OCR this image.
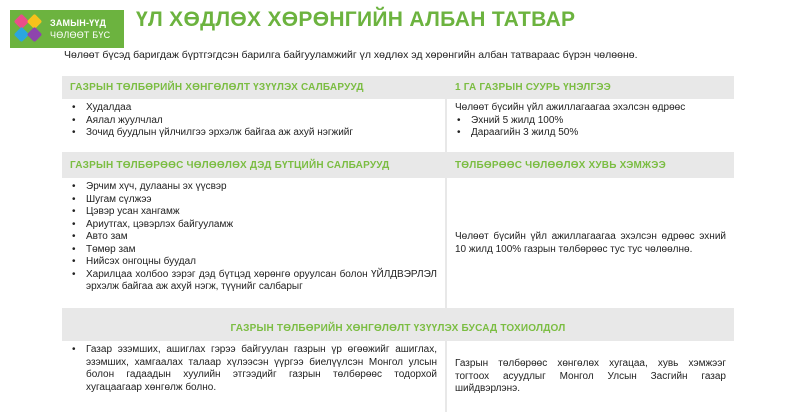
ЗАМЫН-ҮҮД
ЧӨЛӨӨТ БҮС
ҮЛ ХӨДЛӨХ ХӨРӨНГИЙН АЛБАН ТАТВАР
Чөлөөт бүсэд баригдаж бүртгэгдсэн барилга байгууламжийг үл хөдлөх эд хөрөнгийн албан татвараас бүрэн чөлөөнө.
ГАЗРЫН ТӨЛБӨРИЙН ХӨНГӨЛӨЛТ ҮЗҮҮЛЭХ САЛБАРУУД	1 ГА ГАЗРЫН СУУРЬ ҮНЭЛГЭЭ
• Худалдаа
• Аялал жуулчлал
• Зочид буудлын үйлчилгээ эрхэлж байгаа аж ахуй нэгжийг
Чөлөөт бүсийн үйл ажиллагаагаа эхэлсэн өдрөөс
• Эхний 5 жилд 100%
• Дараагийн 3 жилд 50%
ГАЗРЫН ТӨЛБӨРӨӨС ЧӨЛӨӨЛӨХ ДЭД БҮТЦИЙН САЛБАРУУД	ТӨЛБӨРӨӨС ЧӨЛӨӨЛӨХ ХУВЬ ХЭМЖЭЭ
• Эрчим хүч, дулааны эх үүсвэр
• Шугам сүлжээ
• Цэвэр усан хангамж
• Ариутгах, цэвэрлэх байгууламж
• Авто зам
• Төмөр зам
• Нийсэх онгоцны буудал
• Харилцаа холбоо зэрэг дэд бүтцэд хөрөнгө оруулсан болон ҮЙЛДВЭРЛЭЛ эрхэлж байгаа аж ахуй нэгж, түүнийг салбарыг
Чөлөөт бүсийн үйл ажиллагаагаа эхэлсэн өдрөөс эхний 10 жилд 100% газрын төлбөрөөс тус тус чөлөөлнө.
ГАЗРЫН ТӨЛБӨРИЙН ХӨНГӨЛӨЛТ ҮЗҮҮЛЭХ БУСАД ТОХИОЛДОЛ
• Газар эзэмших, ашиглах гэрээ байгуулан газрын үр өгөөжийг ашиглах, эзэмших, хамгаалах талаар хүлээсэн үүргээ биелүүлсэн Монгол улсын болон гадаадын хуулийн этгээдийг газрын төлбөрөөс тодорхой хугацаагаар хөнгөлж болно.
Газрын төлбөрөөс хөнгөлөх хугацаа, хувь хэмжээг тогтоох асуудлыг Монгол Улсын Засгийн газар шийдвэрлэнэ.
